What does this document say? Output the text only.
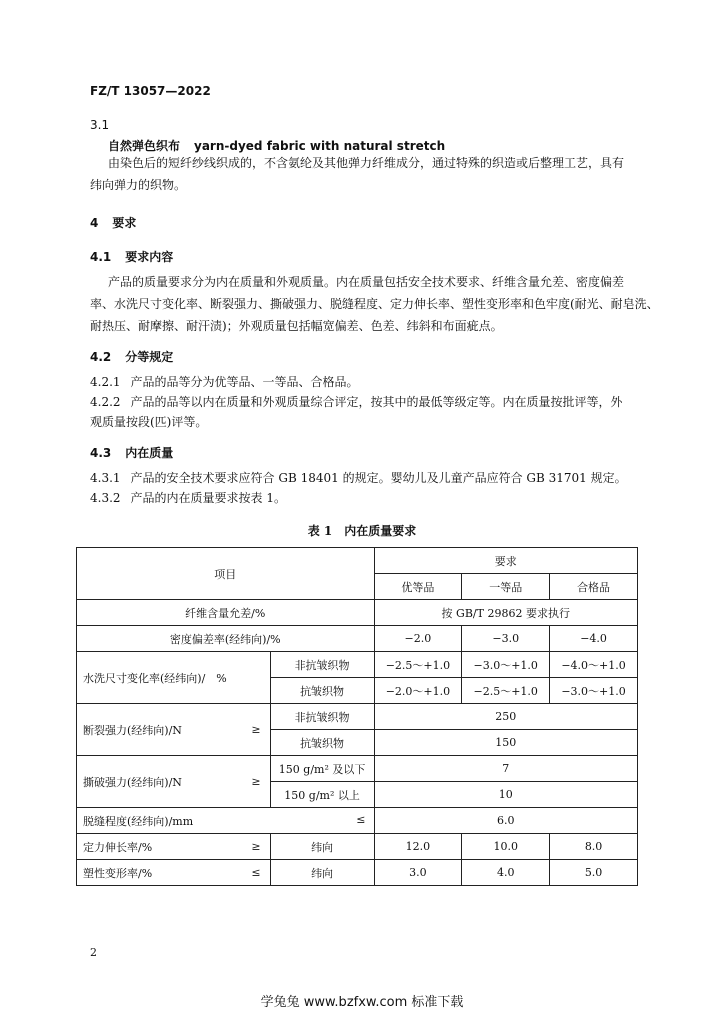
FZ/T 13057—2022
3.1
自然弹色织布 yarn-dyed fabric with natural stretch
由染色后的短纤纱线织成的，不含氨纶及其他弹力纤维成分，通过特殊的织造或后整理工艺，具有
纬向弹力的织物。
4 要求
4.1 要求内容
产品的质量要求分为内在质量和外观质量。内在质量包括安全技术要求、纤维含量允差、密度偏差
率、水洗尺寸变化率、断裂强力、撕破强力、脱缝程度、定力伸长率、塑性变形率和色牢度(耐光、耐皂洗、
耐热压、耐摩擦、耐汗渍)；外观质量包括幅宽偏差、色差、纬斜和布面疵点。
4.2 分等规定
4.2.1 产品的品等分为优等品、一等品、合格品。
4.2.2 产品的品等以内在质量和外观质量综合评定，按其中的最低等级定等。内在质量按批评等，外
观质量按段(匹)评等。
4.3 内在质量
4.3.1 产品的安全技术要求应符合 GB 18401 的规定。婴幼儿及儿童产品应符合 GB 31701 规定。
4.3.2 产品的内在质量要求按表 1。
表 1　内在质量要求
项目			要求		
			优等品	一等品	合格品
纤维含量允差/%			按 GB/T 29862 要求执行		
密度偏差率(经纬向)/%			−2.0	−3.0	−4.0
水洗尺寸变化率(经纬向)/　%		非抗皱织物	−2.5～+1.0	−3.0～+1.0	−4.0～+1.0
		抗皱织物	−2.0～+1.0	−2.5～+1.0	−3.0～+1.0
断裂强力(经纬向)/N	≥	非抗皱织物	250		
		抗皱织物	150		
撕破强力(经纬向)/N	≥	150 g/m² 及以下	7		
		150 g/m² 以上	10		
脱缝程度(经纬向)/mm ≤			6.0		
定力伸长率/%	≥	纬向	12.0	10.0	8.0
塑性变形率/%	≤	纬向	3.0	4.0	5.0
2
学兔兔 www.bzfxw.com 标准下载
